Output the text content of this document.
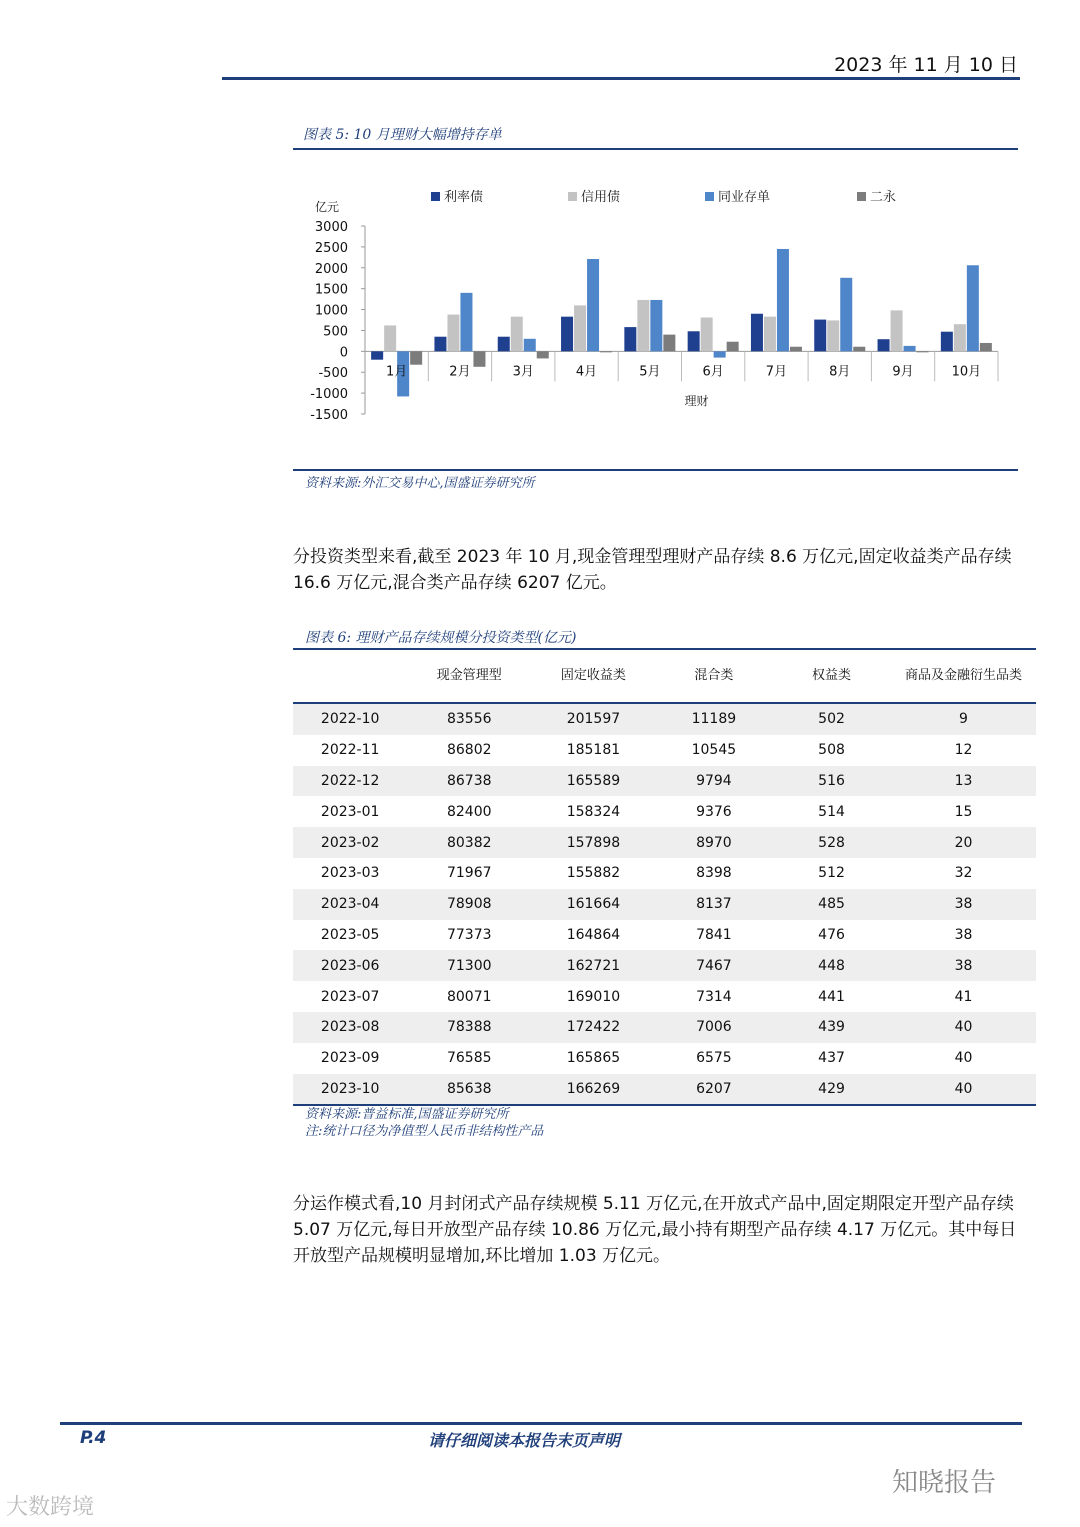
2023 年 11 月 10 日
图表 5: 10 月理财大幅增持存单
利率债	信用债	同业存单	二永
亿元
3000
2500
2000
1500
1000
500
0
-500
-1000
-1500
1月	2月	3月	4月	5月	6月	7月	8月	9月	10月
理财
资料来源:外汇交易中心,国盛证券研究所
分投资类型来看,截至 2023 年 10 月,现金管理型理财产品存续 8.6 万亿元,固定收益类产品存续 16.6 万亿元,混合类产品存续 6207 亿元。
图表 6: 理财产品存续规模分投资类型(亿元)
	现金管理型	固定收益类	混合类	权益类	商品及金融衍生品类
2022-10	83556	201597	11189	502	9
2022-11	86802	185181	10545	508	12
2022-12	86738	165589	9794	516	13
2023-01	82400	158324	9376	514	15
2023-02	80382	157898	8970	528	20
2023-03	71967	155882	8398	512	32
2023-04	78908	161664	8137	485	38
2023-05	77373	164864	7841	476	38
2023-06	71300	162721	7467	448	38
2023-07	80071	169010	7314	441	41
2023-08	78388	172422	7006	439	40
2023-09	76585	165865	6575	437	40
2023-10	85638	166269	6207	429	40
资料来源:普益标准,国盛证券研究所
注:统计口径为净值型人民币非结构性产品
分运作模式看,10 月封闭式产品存续规模 5.11 万亿元,在开放式产品中,固定期限定开型产品存续 5.07 万亿元,每日开放型产品存续 10.86 万亿元,最小持有期型产品存续 4.17 万亿元。其中每日开放型产品规模明显增加,环比增加 1.03 万亿元。
P.4	请仔细阅读本报告末页声明
知晓报告
大数跨境
